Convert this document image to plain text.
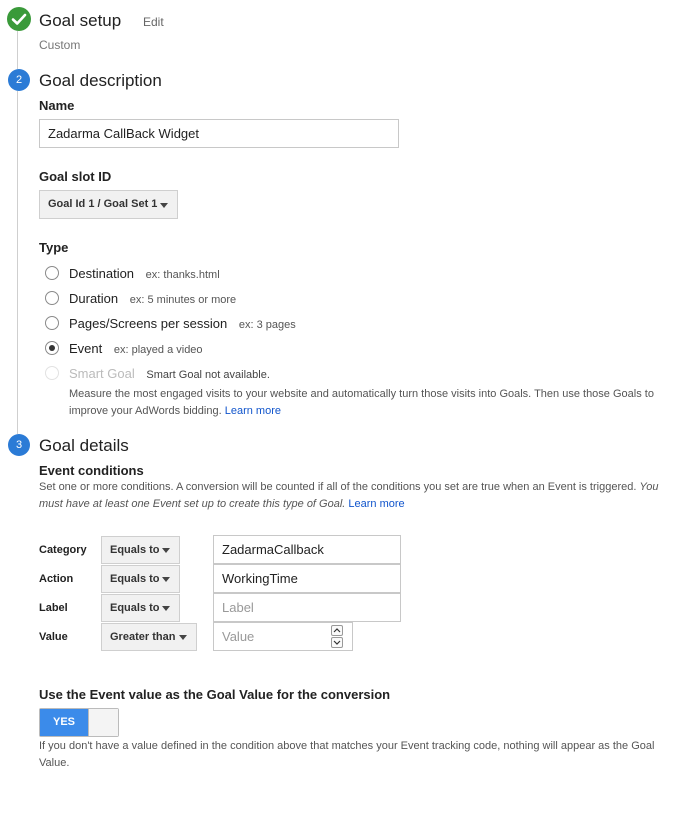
Goal setup Edit
Custom
2 Goal description
Name
Zadarma CallBack Widget
Goal slot ID
Goal Id 1 / Goal Set 1
Type
Destination ex: thanks.html
Duration ex: 5 minutes or more
Pages/Screens per session ex: 3 pages
Event ex: played a video
Smart Goal Smart Goal not available.
Measure the most engaged visits to your website and automatically turn those visits into Goals. Then use those Goals to improve your AdWords bidding. Learn more
3 Goal details
Event conditions
Set one or more conditions. A conversion will be counted if all of the conditions you set are true when an Event is triggered. You must have at least one Event set up to create this type of Goal. Learn more
Category	Equals to	ZadarmaCallback
Action	Equals to	WorkingTime
Label	Equals to	Label
Value	Greater than	Value
Use the Event value as the Goal Value for the conversion
YES
If you don't have a value defined in the condition above that matches your Event tracking code, nothing will appear as the Goal Value.
